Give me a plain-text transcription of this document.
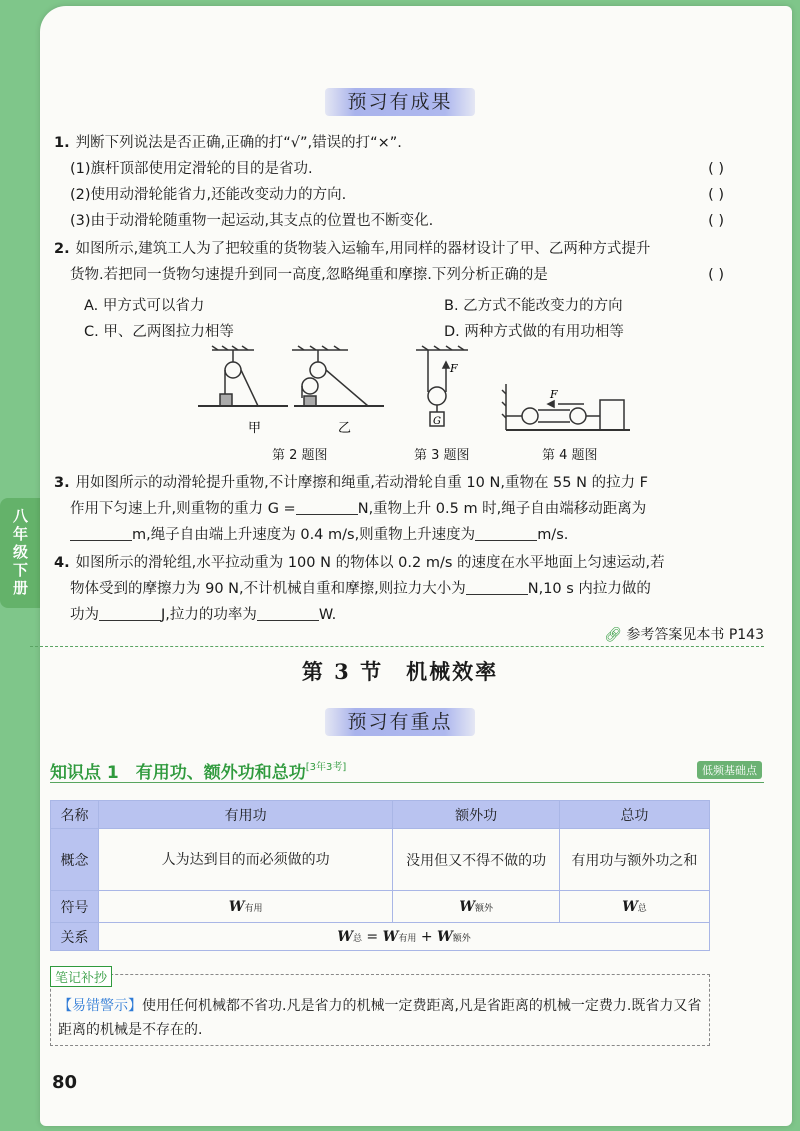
八年级下册
预习有成果
1. 判断下列说法是否正确,正确的打“√”,错误的打“×”.
(1)旗杆顶部使用定滑轮的目的是省功.	( )
(2)使用动滑轮能省力,还能改变动力的方向.	( )
(3)由于动滑轮随重物一起运动,其支点的位置也不断变化.	( )
2. 如图所示,建筑工人为了把较重的货物装入运输车,用同样的器材设计了甲、乙两种方式提升
货物.若把同一货物匀速提升到同一高度,忽略绳重和摩擦.下列分析正确的是	( )
A. 甲方式可以省力	B. 乙方式不能改变力的方向
C. 甲、乙两图拉力相等	D. 两种方式做的有用功相等
甲	乙
F
G
F
第 2 题图	第 3 题图	第 4 题图
3. 用如图所示的动滑轮提升重物,不计摩擦和绳重,若动滑轮自重 10 N,重物在 55 N 的拉力 F
作用下匀速上升,则重物的重力 G =	N,重物上升 0.5 m 时,绳子自由端移动距离为
m,绳子自由端上升速度为 0.4 m/s,则重物上升速度为	m/s.
4. 如图所示的滑轮组,水平拉动重为 100 N 的物体以 0.2 m/s 的速度在水平地面上匀速运动,若
物体受到的摩擦力为 90 N,不计机械自重和摩擦,则拉力大小为	N,10 s 内拉力做的
功为	J,拉力的功率为	W.
🔗︎ 参考答案见本书 P143
第 3 节　机械效率
预习有重点
知识点 1　有用功、额外功和总功[3年3考]	低频基础点
名称	有用功	额外功	总功
概念	人为达到目的而必须做的功	没用但又不得不做的功	有用功与额外功之和
符号	W有用	W额外	W总
关系	W总 = W有用 + W额外		
笔记补抄
【易错警示】使用任何机械都不省功.凡是省力的机械一定费距离,凡是省距离的机械一定费力.既省力又省距离的机械是不存在的.
80
